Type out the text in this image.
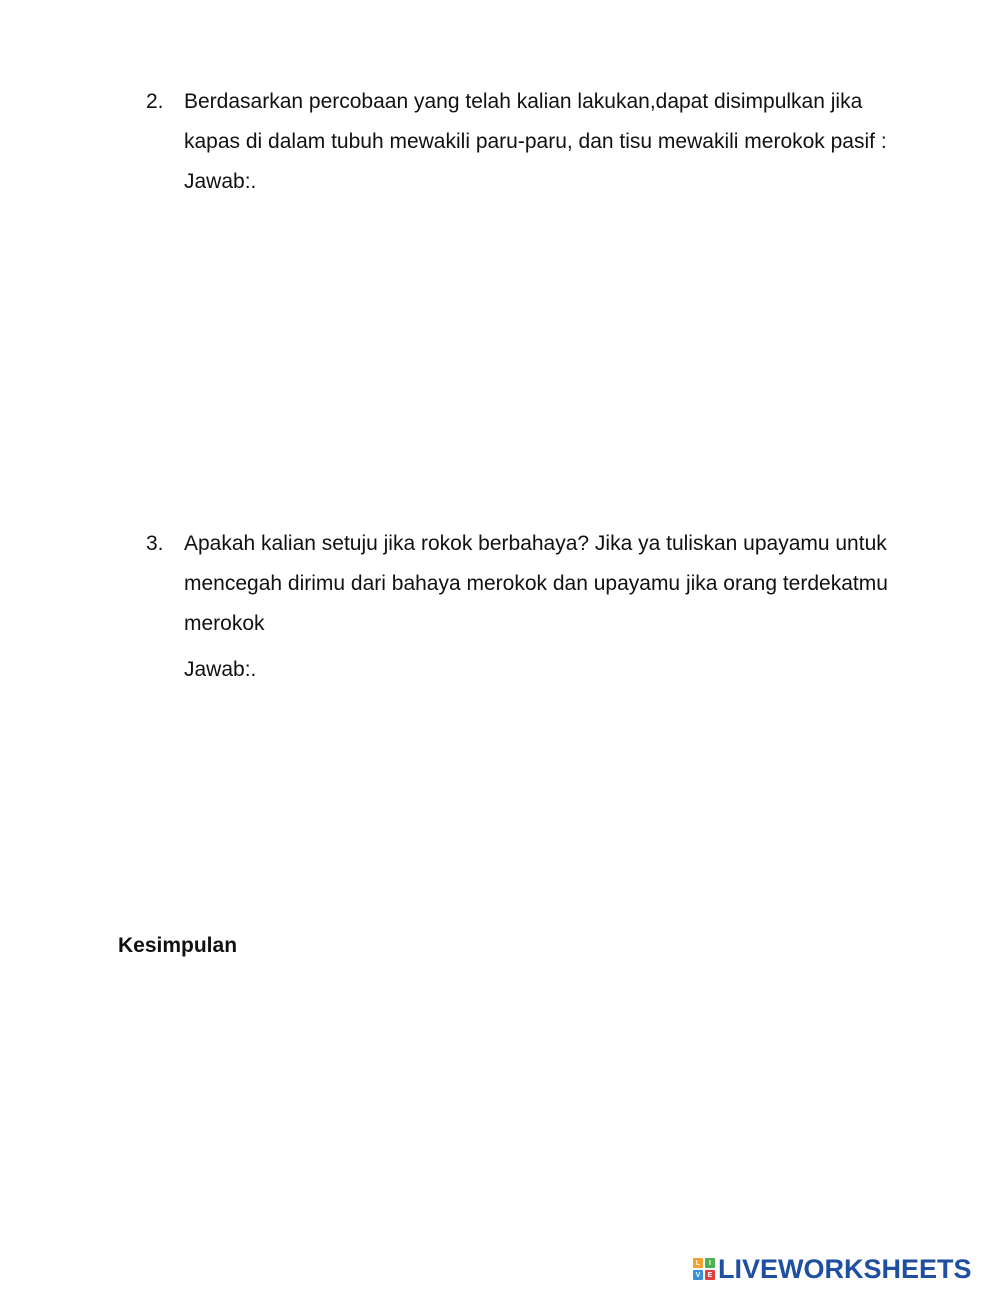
2. Berdasarkan percobaan yang telah kalian lakukan,dapat disimpulkan jika kapas di dalam tubuh mewakili paru-paru, dan tisu mewakili merokok pasif : Jawab:.
3. Apakah kalian setuju jika rokok berbahaya? Jika ya tuliskan upayamu untuk mencegah dirimu dari bahaya merokok dan upayamu jika orang terdekatmu merokok
Jawab:.
Kesimpulan
L	I
V	E LIVEWORKSHEETS
